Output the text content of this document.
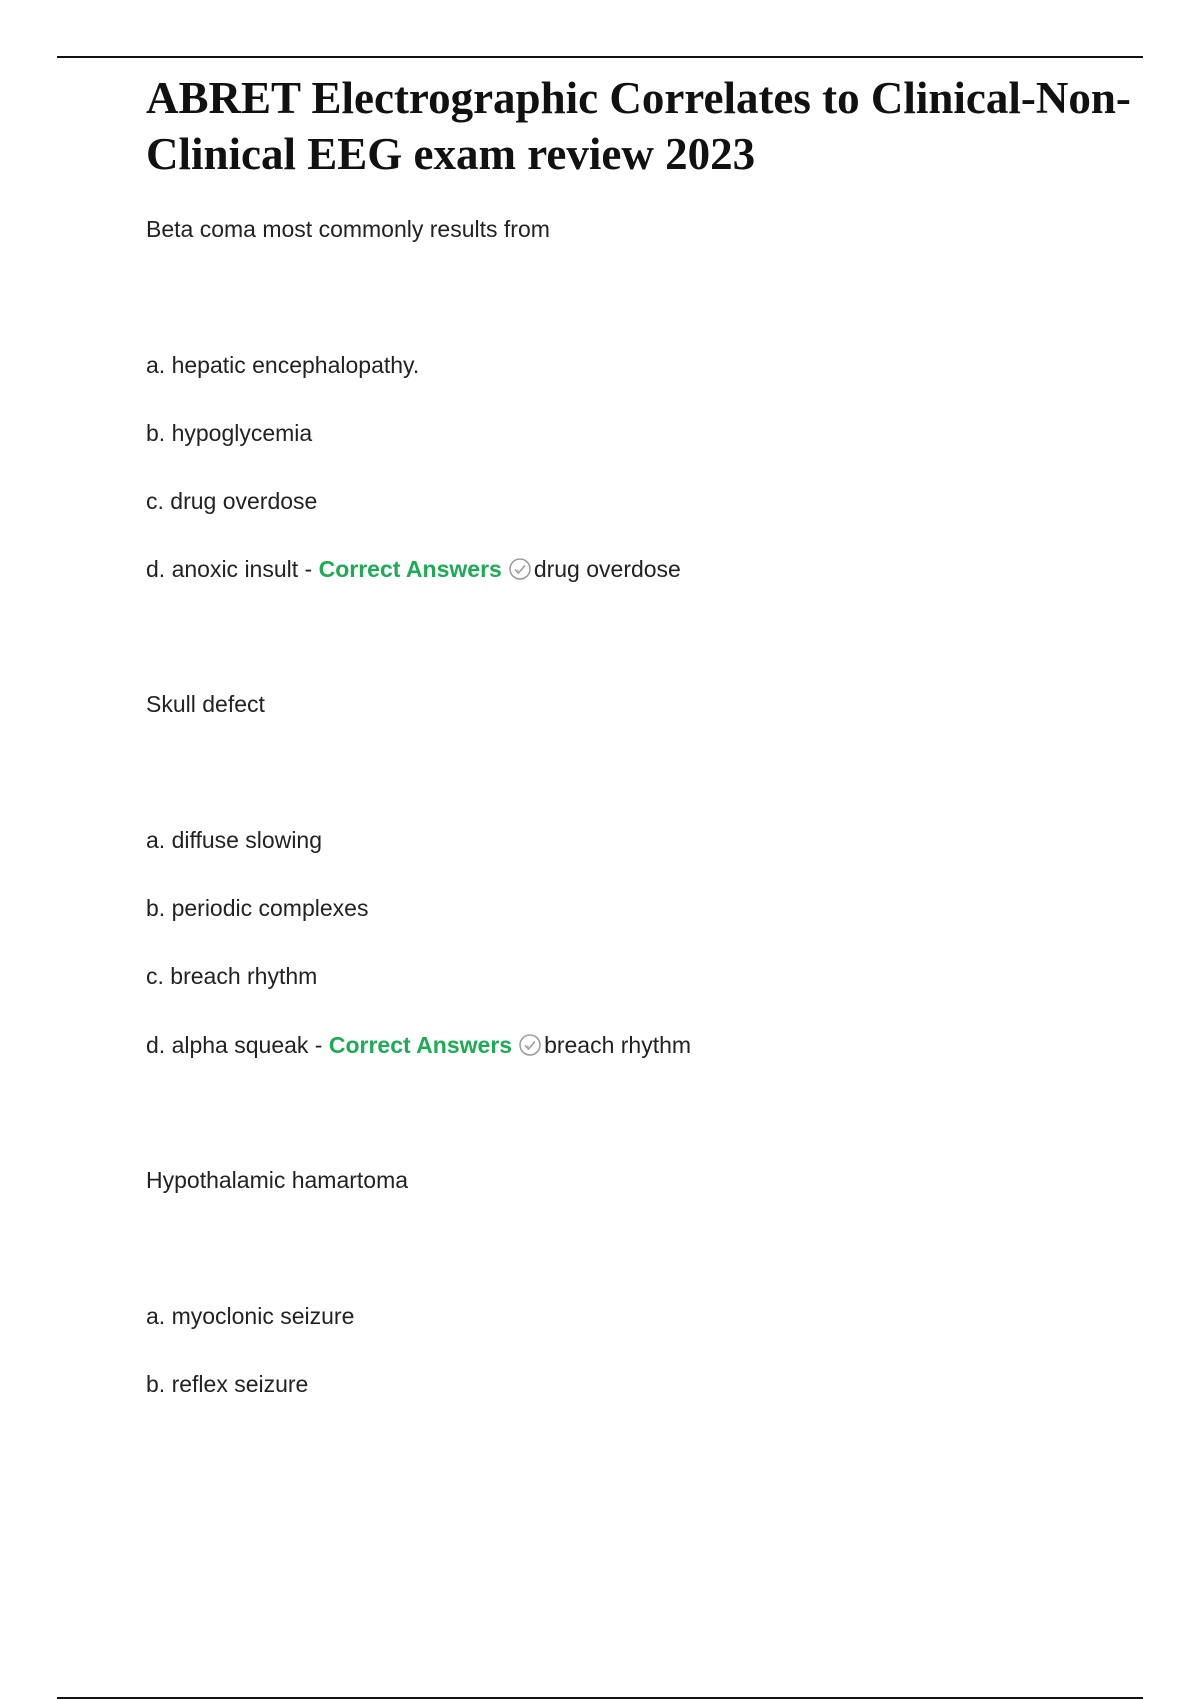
ABRET Electrographic Correlates to Clinical-Non-Clinical EEG exam review 2023
Beta coma most commonly results from
a. hepatic encephalopathy.
b. hypoglycemia
c. drug overdose
d. anoxic insult - Correct Answers drug overdose
Skull defect
a. diffuse slowing
b. periodic complexes
c. breach rhythm
d. alpha squeak - Correct Answers breach rhythm
Hypothalamic hamartoma
a. myoclonic seizure
b. reflex seizure
